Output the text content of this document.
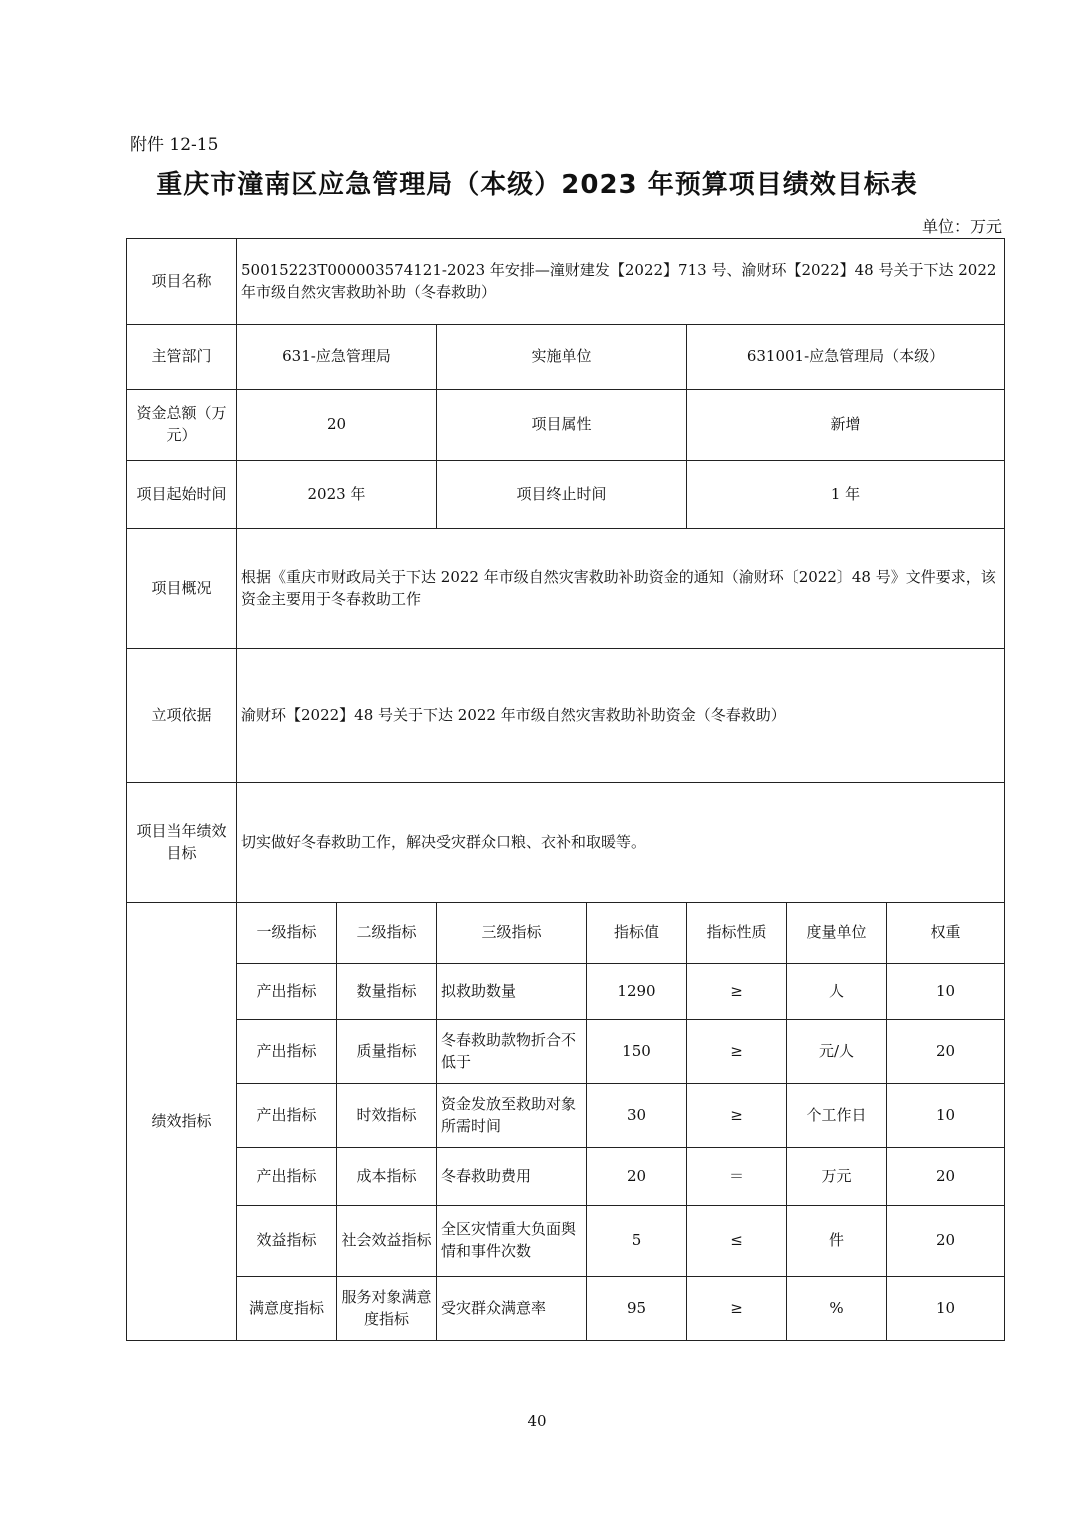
附件 12-15
重庆市潼南区应急管理局（本级）2023 年预算项目绩效目标表
单位：万元
项目名称	50015223T000003574121-2023 年安排—潼财建发【2022】713 号、渝财环【2022】48 号关于下达 2022 年市级自然灾害救助补助（冬春救助）						
主管部门	631-应急管理局		实施单位		631001-应急管理局（本级）		
资金总额（万元）	20		项目属性		新增		
项目起始时间	2023 年		项目终止时间		1 年		
项目概况	根据《重庆市财政局关于下达 2022 年市级自然灾害救助补助资金的通知（渝财环〔2022〕48 号》文件要求，该资金主要用于冬春救助工作						
立项依据	渝财环【2022】48 号关于下达 2022 年市级自然灾害救助补助资金（冬春救助）						
项目当年绩效目标	切实做好冬春救助工作，解决受灾群众口粮、衣补和取暖等。						
绩效指标	一级指标	二级指标	三级指标	指标值	指标性质	度量单位	权重
	产出指标	数量指标	拟救助数量	1290	≥	人	10
	产出指标	质量指标	冬春救助款物折合不低于	150	≥	元/人	20
	产出指标	时效指标	资金发放至救助对象所需时间	30	≥	个工作日	10
	产出指标	成本指标	冬春救助费用	20	＝	万元	20
	效益指标	社会效益指标	全区灾情重大负面舆情和事件次数	5	≤	件	20
	满意度指标	服务对象满意度指标	受灾群众满意率	95	≥	%	10
40
